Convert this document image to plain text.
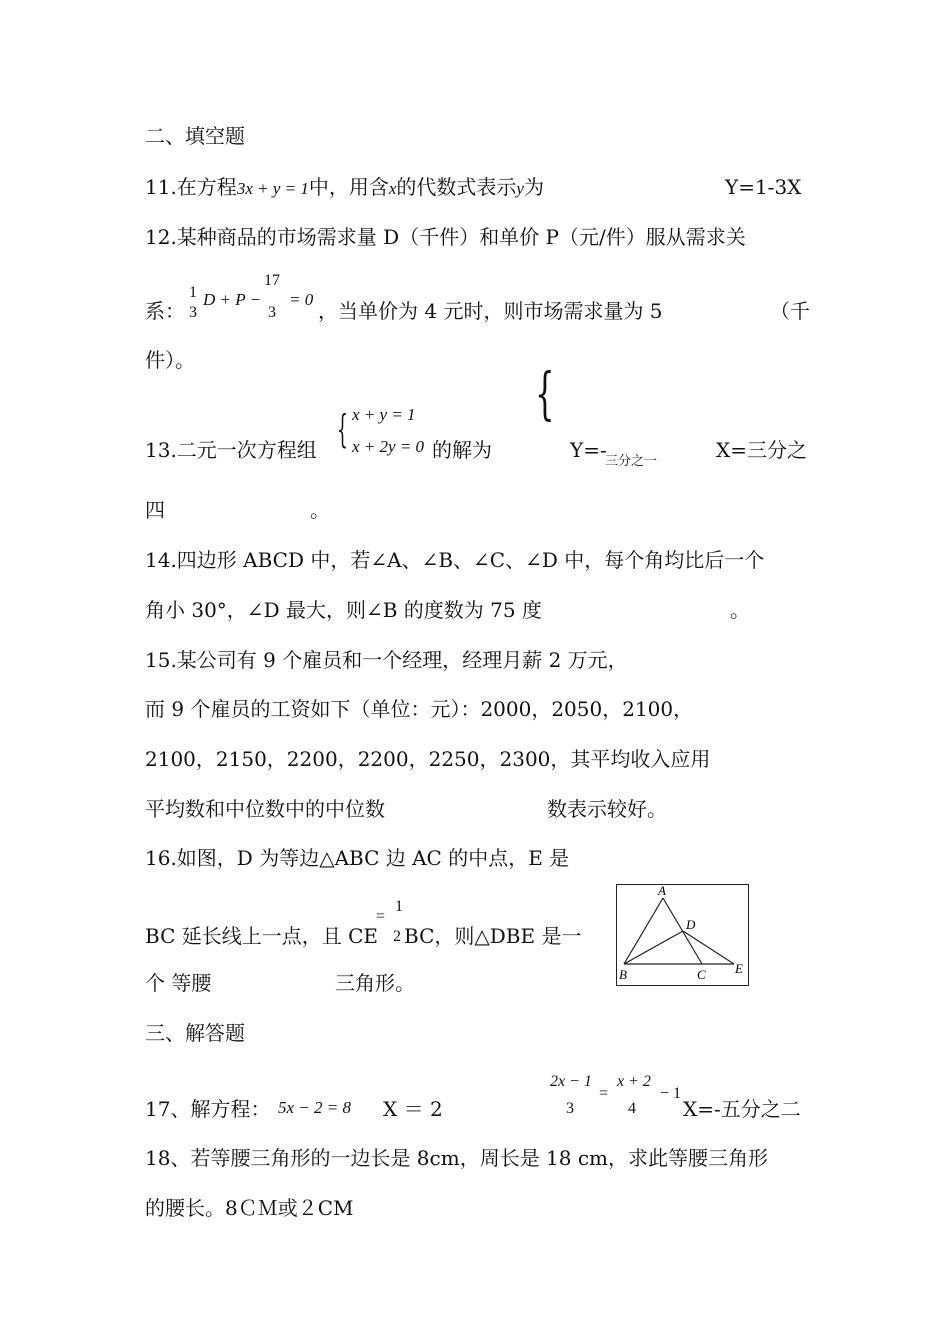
二、填空题
11.在方程3x + y = 1中，用含x的代数式表示y为	Y=1-3X
12.某种商品的市场需求量 D（千件）和单价 P（元/件）服从需求关
系：
1
3
D + P −
17
3
= 0 ，当单价为 4 元时，则市场需求量为 5	（千
件）。
{
13.二元一次方程组 { x + y = 1
x + 2y = 0 的解为	Y=-
三分之一	X=三分之
四	。
14.四边形 ABCD 中，若∠A、∠B、∠C、∠D 中，每个角均比后一个
角小 30°，∠D 最大，则∠B 的度数为 75 度	。
15.某公司有 9 个雇员和一个经理，经理月薪 2 万元，
而 9 个雇员的工资如下（单位：元）：2000，2050，2100，
2100，2150，2200，2200，2250，2300，其平均收入应用
平均数和中位数中的中位数	数表示较好。
16.如图，D 为等边△ABC 边 AC 的中点，E 是
BC 延长线上一点，且 CE
=
1
2 BC，则△DBE 是一
个 等腰	三角形。
A
D
B	C E
三、解答题
17、解方程： 5x − 2 = 8 X ＝ 2
2x − 1
3
=
x + 2
4
− 1
X=-五分之二
18、若等腰三角形的一边长是 8cm，周长是 18 cm，求此等腰三角形
的腰长。8ＣＭ或２CM
